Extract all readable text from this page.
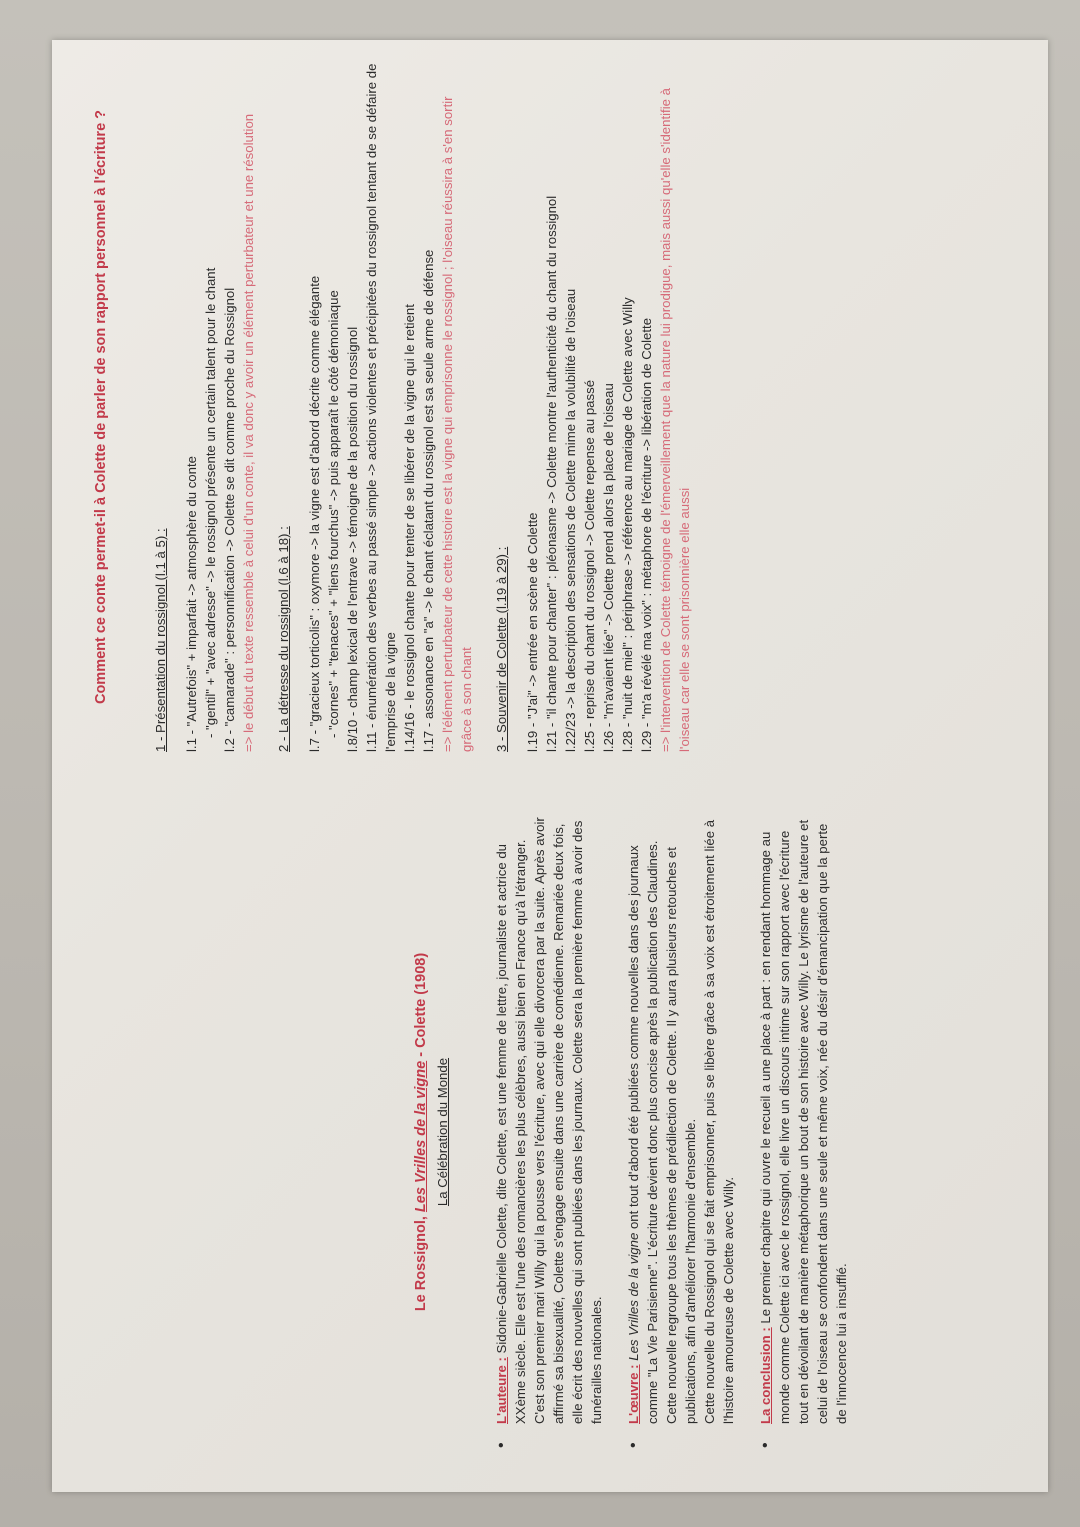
Le Rossignol, Les Vrilles de la vigne - Colette (1908)
La Célébration du Monde
•
L'auteure : Sidonie-Gabrielle Colette, dite Colette, est une femme de lettre, journaliste et actrice du XXème siècle. Elle est l'une des romancières les plus célèbres, aussi bien en France qu'à l'étranger. C'est son premier mari Willy qui la pousse vers l'écriture, avec qui elle divorcera par la suite. Après avoir affirmé sa bisexualité, Colette s'engage ensuite dans une carrière de comédienne. Remariée deux fois, elle écrit des nouvelles qui sont publiées dans les journaux. Colette sera la première femme à avoir des funérailles nationales.
•
L'œuvre : Les Vrilles de la vigne ont tout d'abord été publiées comme nouvelles dans des journaux comme "La Vie Parisienne". L'écriture devient donc plus concise après la publication des Claudines. Cette nouvelle regroupe tous les thèmes de prédilection de Colette. Il y aura plusieurs retouches et publications, afin d'améliorer l'harmonie d'ensemble. Cette nouvelle du Rossignol qui se fait emprisonner, puis se libère grâce à sa voix est étroitement liée à l'histoire amoureuse de Colette avec Willy.
•
La conclusion : Le premier chapitre qui ouvre le recueil a une place à part : en rendant hommage au monde comme Colette ici avec le rossignol, elle livre un discours intime sur son rapport avec l'écriture tout en dévoilant de manière métaphorique un bout de son histoire avec Willy. Le lyrisme de l'auteure et celui de l'oiseau se confondent dans une seule et même voix, née du désir d'émancipation que la perte de l'innocence lui a insufflé.
Comment ce conte permet-il à Colette de parler de son rapport personnel à l'écriture ?	1 - Présentation du rossignol (l.1 à 5) : l.1 - "Autrefois" + imparfait -> atmosphère du conte - "gentil" + "avec adresse" -> le rossignol présente un certain talent pour le chant l.2 - "camarade" : personnification -> Colette se dit comme proche du Rossignol => le début du texte ressemble à celui d'un conte, il va donc y avoir un élément perturbateur et une résolution 2 - La détresse du rossignol (l.6 à 18) : l.7 - "gracieux torticolis" : oxymore -> la vigne est d'abord décrite comme élégante - "cornes" + "tenaces" + "liens fourchus" -> puis apparaît le côté démoniaque l.8/10 - champ lexical de l'entrave -> témoigne de la position du rossignol l.11 - énumération des verbes au passé simple -> actions violentes et précipitées du rossignol tentant de se défaire de l'emprise de la vigne l.14/16 - le rossignol chante pour tenter de se libérer de la vigne qui le retient l.17 - assonance en "a" -> le chant éclatant du rossignol est sa seule arme de défense => l'élément perturbateur de cette histoire est la vigne qui emprisonne le rossignol ; l'oiseau réussira à s'en sortir grâce à son chant 3 - Souvenir de Colette (l.19 à 29) : l.19 - "J'ai" -> entrée en scène de Colette l.21 - "il chante pour chanter" : pléonasme -> Colette montre l'authenticité du chant du rossignol l.22/23 -> la description des sensations de Colette mime la volubilité de l'oiseau l.25 - reprise du chant du rossignol -> Colette repense au passé l.26 - "m'avaient liée" -> Colette prend alors la place de l'oiseau l.28 - "nuit de miel" : périphrase -> référence au mariage de Colette avec Willy l.29 - "m'a révélé ma voix" : métaphore de l'écriture -> libération de Colette => l'intervention de Colette témoigne de l'émerveillement que la nature lui prodigue, mais aussi qu'elle s'identifie à l'oiseau car elle se sont prisonnière elle aussi
